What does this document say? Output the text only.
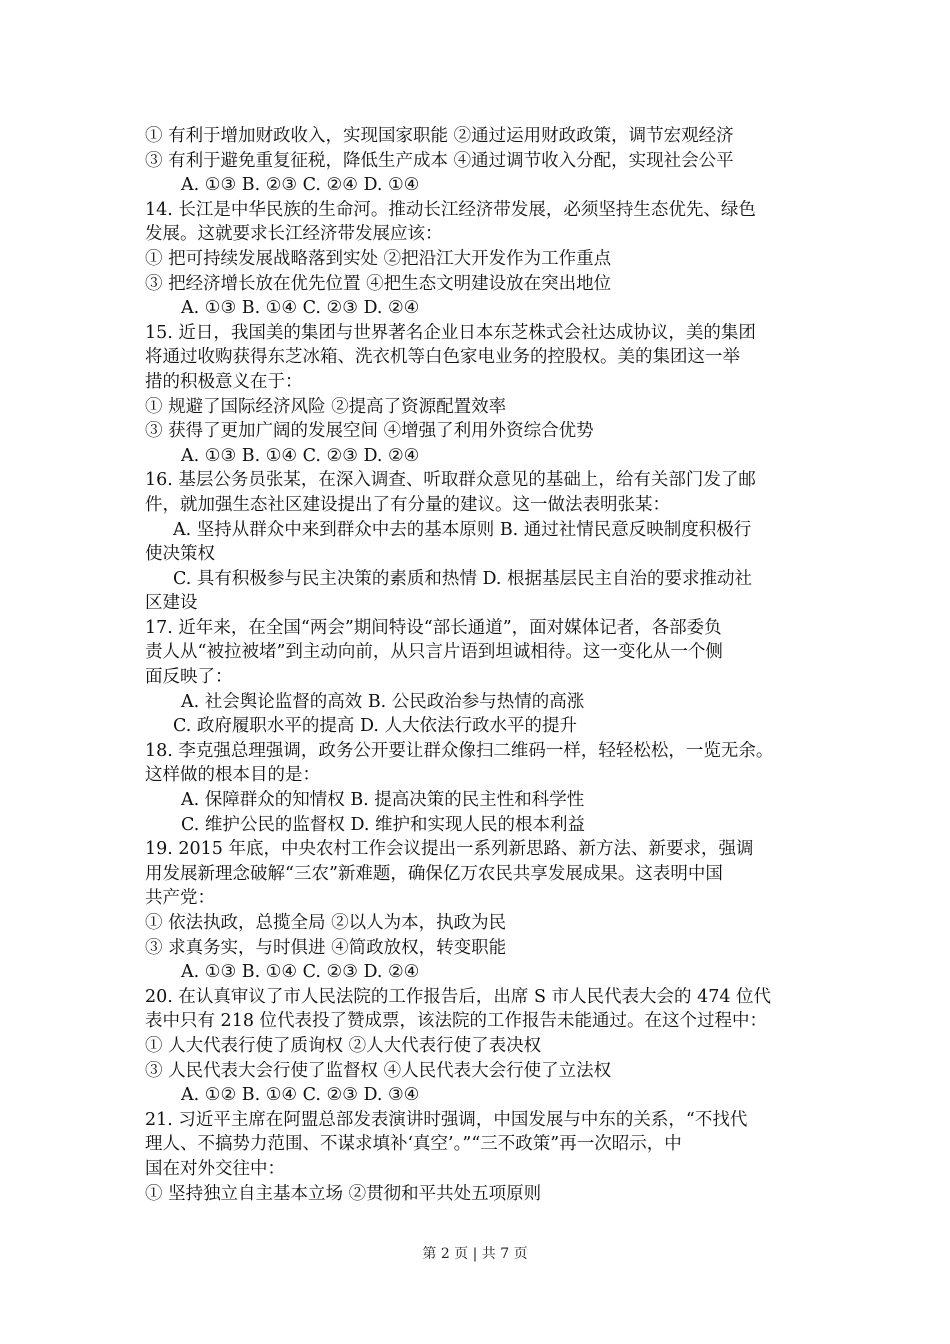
① 有利于增加财政收入，实现国家职能 ②通过运用财政政策，调节宏观经济
③ 有利于避免重复征税，降低生产成本 ④通过调节收入分配，实现社会公平
A. ①③ B. ②③ C. ②④ D. ①④
14. 长江是中华民族的生命河。推动长江经济带发展，必须坚持生态优先、绿色
发展。这就要求长江经济带发展应该：
① 把可持续发展战略落到实处 ②把沿江大开发作为工作重点
③ 把经济增长放在优先位置 ④把生态文明建设放在突出地位
A. ①③ B. ①④ C. ②③ D. ②④
15. 近日，我国美的集团与世界著名企业日本东芝株式会社达成协议，美的集团
将通过收购获得东芝冰箱、洗衣机等白色家电业务的控股权。美的集团这一举
措的积极意义在于：
① 规避了国际经济风险 ②提高了资源配置效率
③ 获得了更加广阔的发展空间 ④增强了利用外资综合优势
A. ①③ B. ①④ C. ②③ D. ②④
16. 基层公务员张某，在深入调查、听取群众意见的基础上，给有关部门发了邮
件，就加强生态社区建设提出了有分量的建议。这一做法表明张某：
A. 坚持从群众中来到群众中去的基本原则 B. 通过社情民意反映制度积极行
使决策权
C. 具有积极参与民主决策的素质和热情 D. 根据基层民主自治的要求推动社
区建设
17. 近年来，在全国“两会”期间特设“部长通道”，面对媒体记者，各部委负
责人从“被拉被堵”到主动向前，从只言片语到坦诚相待。这一变化从一个侧
面反映了：
A. 社会舆论监督的高效 B. 公民政治参与热情的高涨
C. 政府履职水平的提高 D. 人大依法行政水平的提升
18. 李克强总理强调，政务公开要让群众像扫二维码一样，轻轻松松，一览无余。
这样做的根本目的是：
A. 保障群众的知情权 B. 提高决策的民主性和科学性
C. 维护公民的监督权 D. 维护和实现人民的根本利益
19. 2015 年底，中央农村工作会议提出一系列新思路、新方法、新要求，强调
用发展新理念破解“三农”新难题，确保亿万农民共享发展成果。这表明中国
共产党：
① 依法执政，总揽全局 ②以人为本，执政为民
③ 求真务实，与时俱进 ④简政放权，转变职能
A. ①③ B. ①④ C. ②③ D. ②④
20. 在认真审议了市人民法院的工作报告后，出席 S 市人民代表大会的 474 位代
表中只有 218 位代表投了赞成票，该法院的工作报告未能通过。在这个过程中：
① 人大代表行使了质询权 ②人大代表行使了表决权
③ 人民代表大会行使了监督权 ④人民代表大会行使了立法权
A. ①② B. ①④ C. ②③ D. ③④
21. 习近平主席在阿盟总部发表演讲时强调，中国发展与中东的关系，“不找代
理人、不搞势力范围、不谋求填补‘真空’。”“三不政策”再一次昭示，中
国在对外交往中：
① 坚持独立自主基本立场 ②贯彻和平共处五项原则
第 2 页 | 共 7 页
